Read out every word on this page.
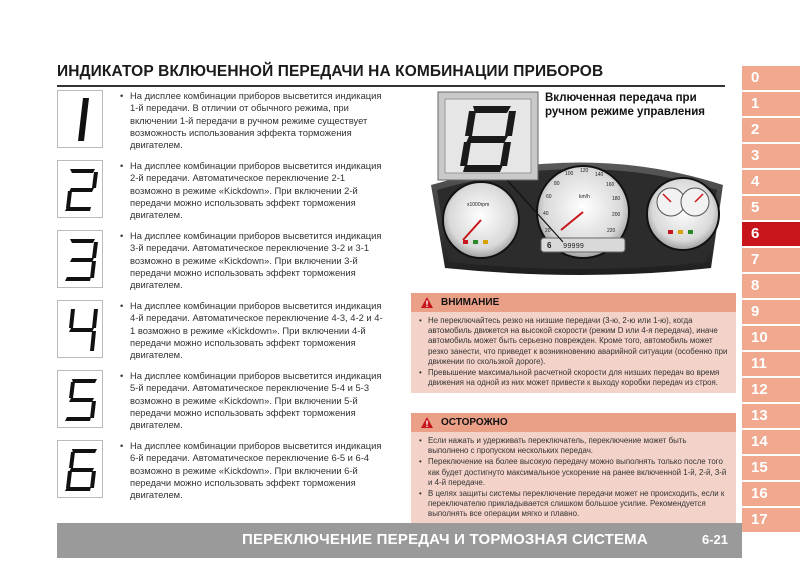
ИНДИКАТОР ВКЛЮЧЕННОЙ ПЕРЕДАЧИ НА КОМБИНАЦИИ ПРИБОРОВ	0
1
2
3
4
5
6
7
8
9
10
11
12
13
14
15
16
17
• На дисплее комбинации приборов высветится индикация 1-й передачи. В отличии от обычного режима, при включении 1-й передачи в ручном режиме существует возможность использования эффекта торможения двигателем.
• На дисплее комбинации приборов высветится индикация 2-й передачи. Автоматическое переключение 2-1 возможно в режиме «Kickdown». При включении 2-й передачи можно использовать эффект торможения двигателем.
• На дисплее комбинации приборов высветится индикация 3-й передачи. Автоматическое переключение 3-2 и 3-1 возможно в режиме «Kickdown». При включении 3-й передачи можно использовать эффект торможения двигателем.
• На дисплее комбинации приборов высветится индикация 4-й передачи. Автоматическое переключение 4-3, 4-2 и 4-1 возможно в режиме «Kickdown». При включении 4-й передачи можно использовать эффект торможения двигателем.
• На дисплее комбинации приборов высветится индикация 5-й передачи. Автоматическое переключение 5-4 и 5-3 возможно в режиме «Kickdown». При включении 5-й передачи можно использовать эффект торможения двигателем.
• На дисплее комбинации приборов высветится индикация 6-й передачи. Автоматическое переключение 6-5 и 6-4 возможно в режиме «Kickdown». При включении 6-й передачи можно использовать эффект торможения двигателем.
x1000rpm
km/h
20
40
60
80
100 120
140
160
180
200
220
6 99999
Включенная передача при ручном режиме управления
ВНИМАНИЕ
• Не переключайтесь резко на низшие передачи (3-ю, 2-ю или 1-ю), когда автомобиль движется на высокой скорости (режим D или 4-я передача), иначе автомобиль может быть серьезно поврежден. Кроме того, автомобиль может резко занести, что приведет к возникновению аварийной ситуации (особенно при движении по скользкой дороге).
• Превышение максимальной расчетной скорости для низших передач во время движения на одной из них может привести к выходу коробки передач из строя.
ОСТОРОЖНО
• Если нажать и удерживать переключатель, переключение может быть выполнено с пропуском нескольких передач.
• Переключение на более высокую передачу можно выполнять только после того как будет достигнуто максимальное ускорение на ранее включенной 1-й, 2-й, 3-й и 4-й передаче.
• В целях защиты системы переключение передачи может не происходить, если к переключателю прикладывается слишком большое усилие. Рекомендуется выполнять все операции мягко и плавно.
ПЕРЕКЛЮЧЕНИЕ ПЕРЕДАЧ И ТОРМОЗНАЯ СИСТЕМА	6-21
